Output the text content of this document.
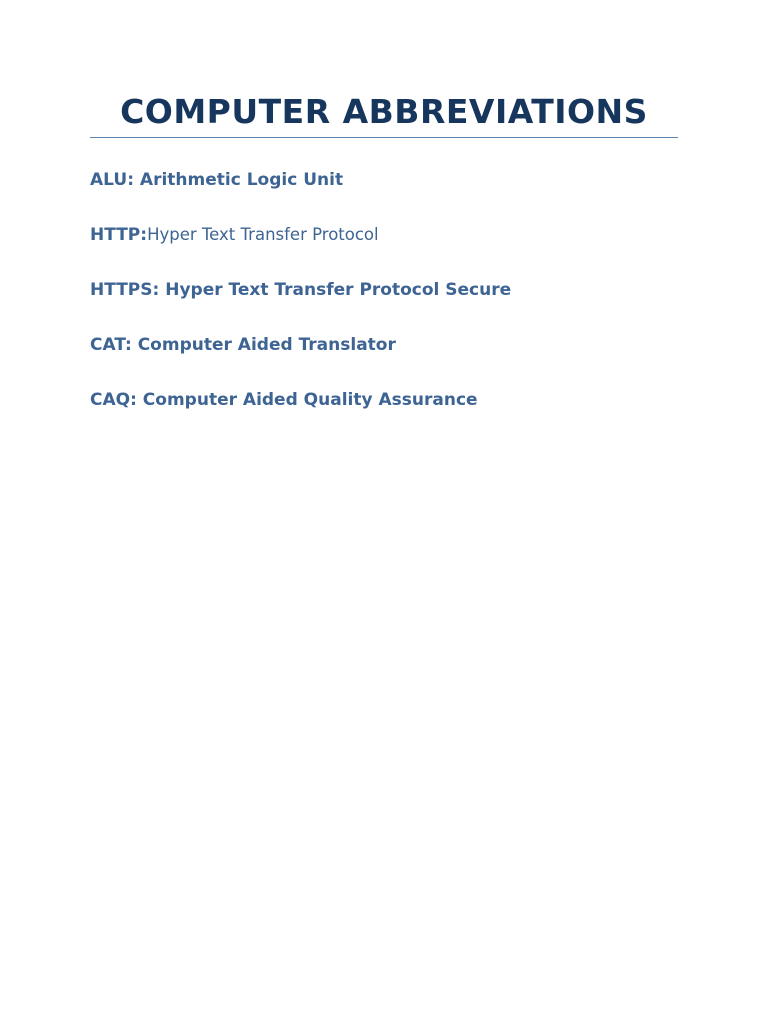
COMPUTER ABBREVIATIONS

ALU: Arithmetic Logic Unit

HTTP:Hyper Text Transfer Protocol

HTTPS: Hyper Text Transfer Protocol Secure

CAT: Computer Aided Translator

CAQ: Computer Aided Quality Assurance
